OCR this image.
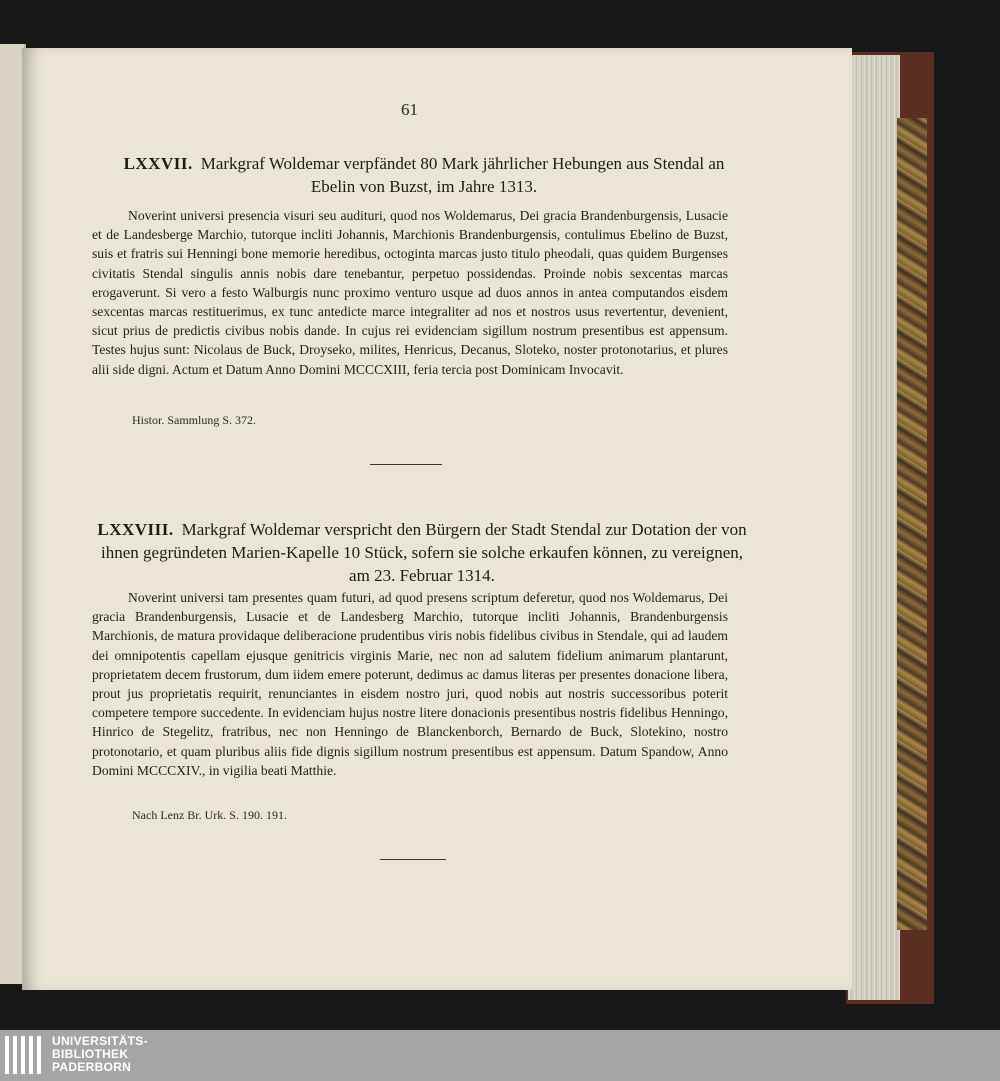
61
LXXVII. Markgraf Woldemar verpfändet 80 Mark jährlicher Hebungen aus Stendal an Ebelin von Buzst, im Jahre 1313.

Noverint universi presencia visuri seu audituri, quod nos Woldemarus, Dei gracia Brandenburgensis, Lusacie et de Landesberge Marchio, tutorque incliti Johannis, Marchionis Brandenburgensis, contulimus Ebelino de Buzst, suis et fratris sui Henningi bone memorie heredibus, octoginta marcas justo titulo pheodali, quas quidem Burgenses civitatis Stendal singulis annis nobis dare tenebantur, perpetuo possidendas. Proinde nobis sexcentas marcas erogaverunt. Si vero a festo Walburgis nunc proximo venturo usque ad duos annos in antea computandos eisdem sexcentas marcas restituerimus, ex tunc antedicte marce integraliter ad nos et nostros usus revertentur, devenient, sicut prius de predictis civibus nobis dande. In cujus rei evidenciam sigillum nostrum presentibus est appensum. Testes hujus sunt: Nicolaus de Buck, Droyseko, milites, Henricus, Decanus, Sloteko, noster protonotarius, et plures alii side digni. Actum et Datum Anno Domini MCCCXIII, feria tercia post Dominicam Invocavit.

Histor. Sammlung S. 372.
LXXVIII. Markgraf Woldemar verspricht den Bürgern der Stadt Stendal zur Dotation der von ihnen gegründeten Marien-Kapelle 10 Stück, sofern sie solche erkaufen können, zu vereignen, am 23. Februar 1314.

Noverint universi tam presentes quam futuri, ad quod presens scriptum deferetur, quod nos Woldemarus, Dei gracia Brandenburgensis, Lusacie et de Landesberg Marchio, tutorque incliti Johannis, Brandenburgensis Marchionis, de matura providaque deliberacione prudentibus viris nobis fidelibus civibus in Stendale, qui ad laudem dei omnipotentis capellam ejusque genitricis virginis Marie, nec non ad salutem fidelium animarum plantarunt, proprietatem decem frustorum, dum iidem emere poterunt, dedimus ac damus literas per presentes donacione libera, prout jus proprietatis requirit, renunciantes in eisdem nostro juri, quod nobis aut nostris successoribus poterit competere tempore succedente. In evidenciam hujus nostre litere donacionis presentibus nostris fidelibus Henningo, Hinrico de Stegelitz, fratribus, nec non Henningo de Blanckenborch, Bernardo de Buck, Slotekino, nostro protonotario, et quam pluribus aliis fide dignis sigillum nostrum presentibus est appensum. Datum Spandow, Anno Domini MCCCXIV., in vigilia beati Matthie.

Nach Lenz Br. Urk. S. 190. 191.
UNIVERSITÄTS-
BIBLIOTHEK
PADERBORN
